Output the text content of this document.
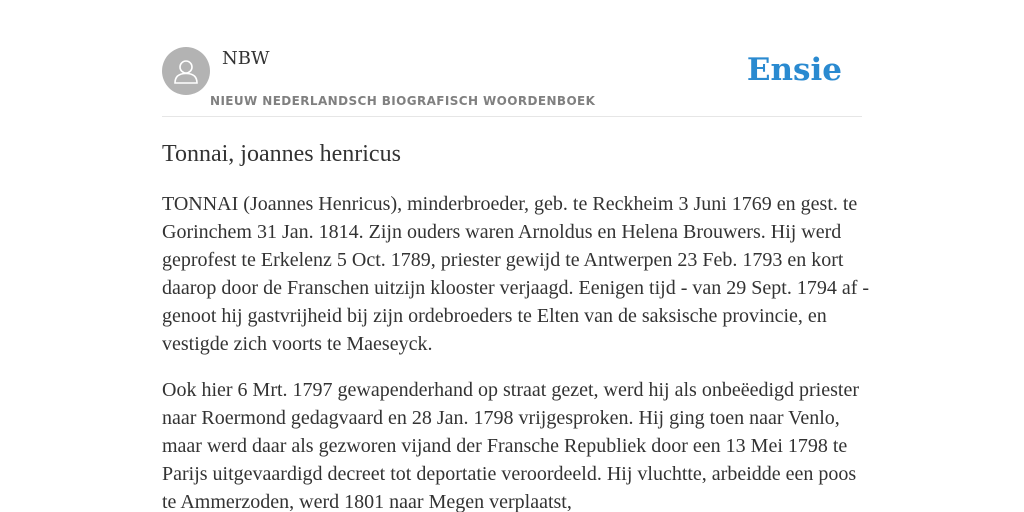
NBW
NIEUW NEDERLANDSCH BIOGRAFISCH WOORDENBOEK
Ensie
Tonnai, joannes henricus

TONNAI (Joannes Henricus), minderbroeder, geb. te Reckheim 3 Juni 1769 en gest. te Gorinchem 31 Jan. 1814. Zijn ouders waren Arnoldus en Helena Brouwers. Hij werd geprofest te Erkelenz 5 Oct. 1789, priester gewijd te Antwerpen 23 Feb. 1793 en kort daarop door de Franschen uitzijn klooster verjaagd. Eenigen tijd - van 29 Sept. 1794 af - genoot hij gastvrijheid bij zijn ordebroeders te Elten van de saksische provincie, en vestigde zich voorts te Maeseyck.

Ook hier 6 Mrt. 1797 gewapenderhand op straat gezet, werd hij als onbeëedigd priester naar Roermond gedagvaard en 28 Jan. 1798 vrijgesproken. Hij ging toen naar Venlo, maar werd daar als gezworen vijand der Fransche Republiek door een 13 Mei 1798 te Parijs uitgevaardigd decreet tot deportatie veroordeeld. Hij vluchtte, arbeidde een poos te Ammerzoden, werd 1801 naar Megen verplaatst,
